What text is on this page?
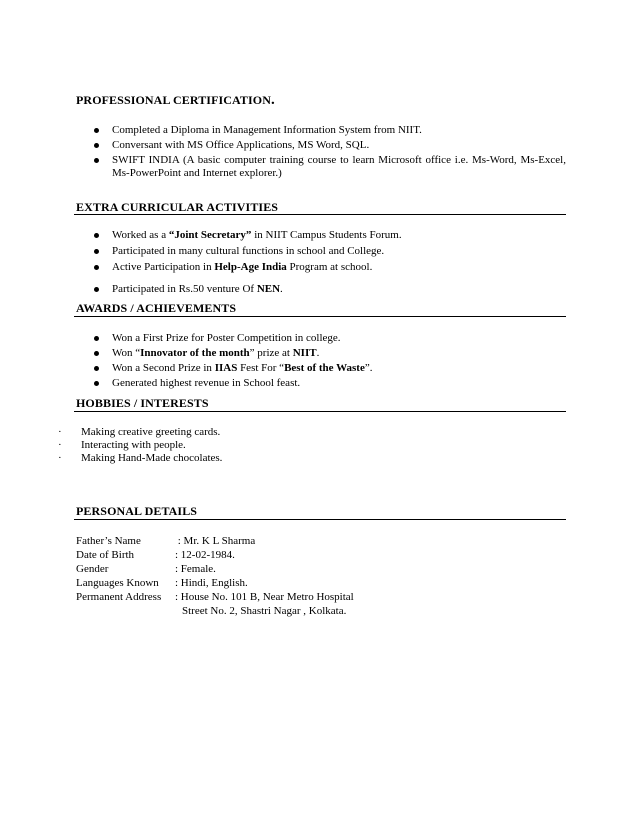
PROFESSIONAL CERTIFICATION.
Completed a Diploma in Management Information System from NIIT.
Conversant with MS Office Applications, MS Word, SQL.
SWIFT INDIA (A basic computer training course to learn Microsoft office i.e. Ms-Word, Ms-Excel, Ms-PowerPoint and Internet explorer.)
EXTRA CURRICULAR ACTIVITIES
Worked as a “Joint Secretary” in NIIT Campus Students Forum.
Participated in many cultural functions in school and College.
Active Participation in Help-Age India Program at school.
Participated in Rs.50 venture Of NEN.
AWARDS / ACHIEVEMENTS
Won a First Prize for Poster Competition in college.
Won “Innovator of the month” prize at NIIT.
Won a Second Prize in IIAS Fest For “Best of the Waste”.
Generated highest revenue in School feast.
HOBBIES / INTERESTS
· Making creative greeting cards.
· Interacting with people.
· Making Hand-Made chocolates.
PERSONAL DETAILS
Father’s Name	: Mr. K L Sharma
Date of Birth	: 12-02-1984.
Gender	: Female.
Languages Known	: Hindi, English.
Permanent Address	: House No. 101 B, Near Metro Hospital
Street No. 2, Shastri Nagar , Kolkata.
